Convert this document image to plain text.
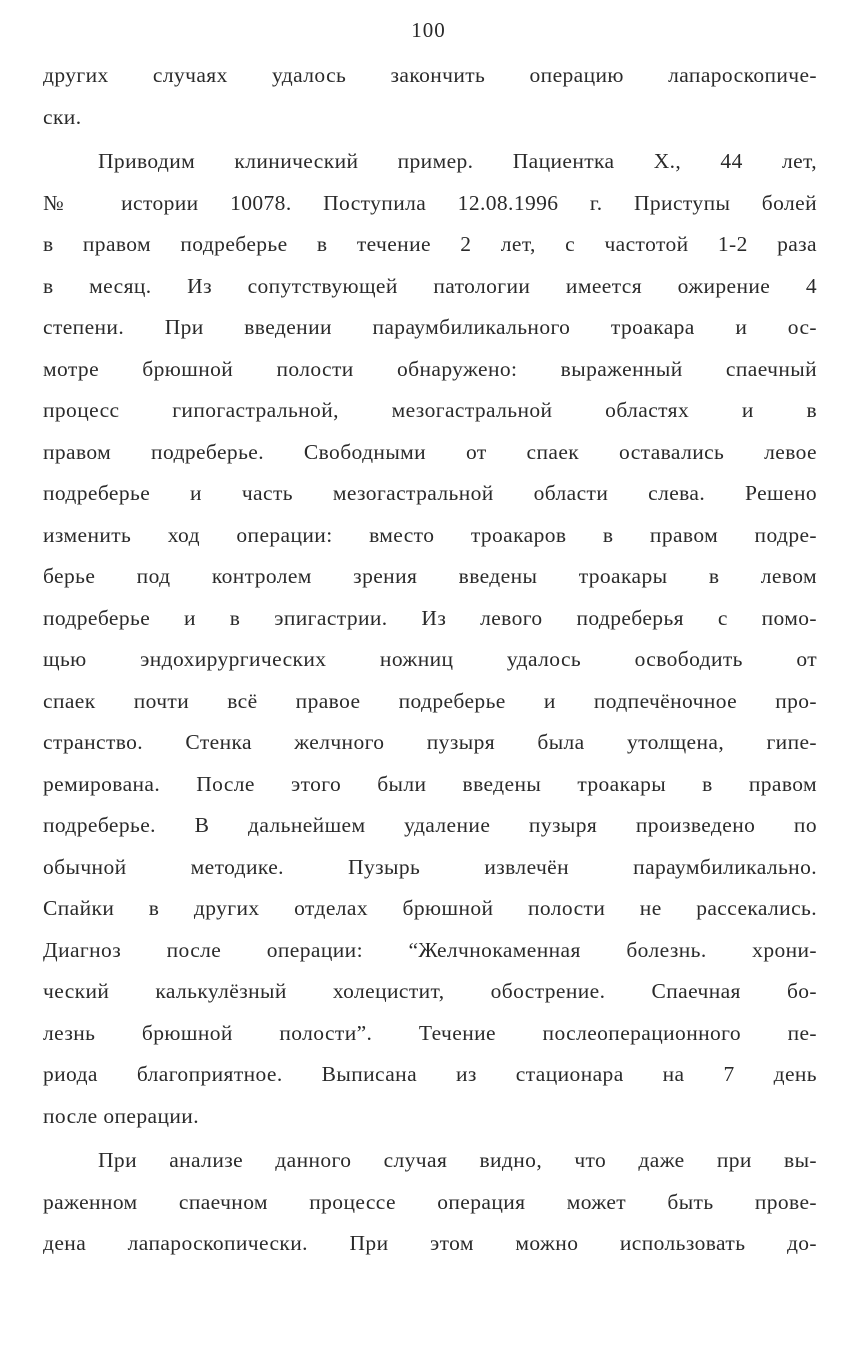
100
других случаях удалось закончить операцию лапароскопиче-
ски.
Приводим клинический пример. Пациентка Х., 44 лет,
№ истории 10078. Поступила 12.08.1996 г. Приступы болей
в правом подреберье в течение 2 лет, с частотой 1-2 раза
в месяц. Из сопутствующей патологии имеется ожирение 4
степени. При введении параумбиликального троакара и ос-
мотре брюшной полости обнаружено: выраженный спаечный
процесс гипогастральной, мезогастральной областях и в
правом подреберье. Свободными от спаек оставались левое
подреберье и часть мезогастральной области слева. Решено
изменить ход операции: вместо троакаров в правом подре-
берье под контролем зрения введены троакары в левом
подреберье и в эпигастрии. Из левого подреберья с помо-
щью эндохирургических ножниц удалось освободить от
спаек почти всё правое подреберье и подпечёночное про-
странство. Стенка желчного пузыря была утолщена, гипе-
ремирована. После этого были введены троакары в правом
подреберье. В дальнейшем удаление пузыря произведено по
обычной методике. Пузырь извлечён параумбиликально.
Спайки в других отделах брюшной полости не рассекались.
Диагноз после операции: “Желчнокаменная болезнь. хрони-
ческий калькулёзный холецистит, обострение. Спаечная бо-
лезнь брюшной полости”. Течение послеоперационного пе-
риода благоприятное. Выписана из стационара на 7 день
после операции.
При анализе данного случая видно, что даже при вы-
раженном спаечном процессе операция может быть прове-
дена лапароскопически. При этом можно использовать до-
